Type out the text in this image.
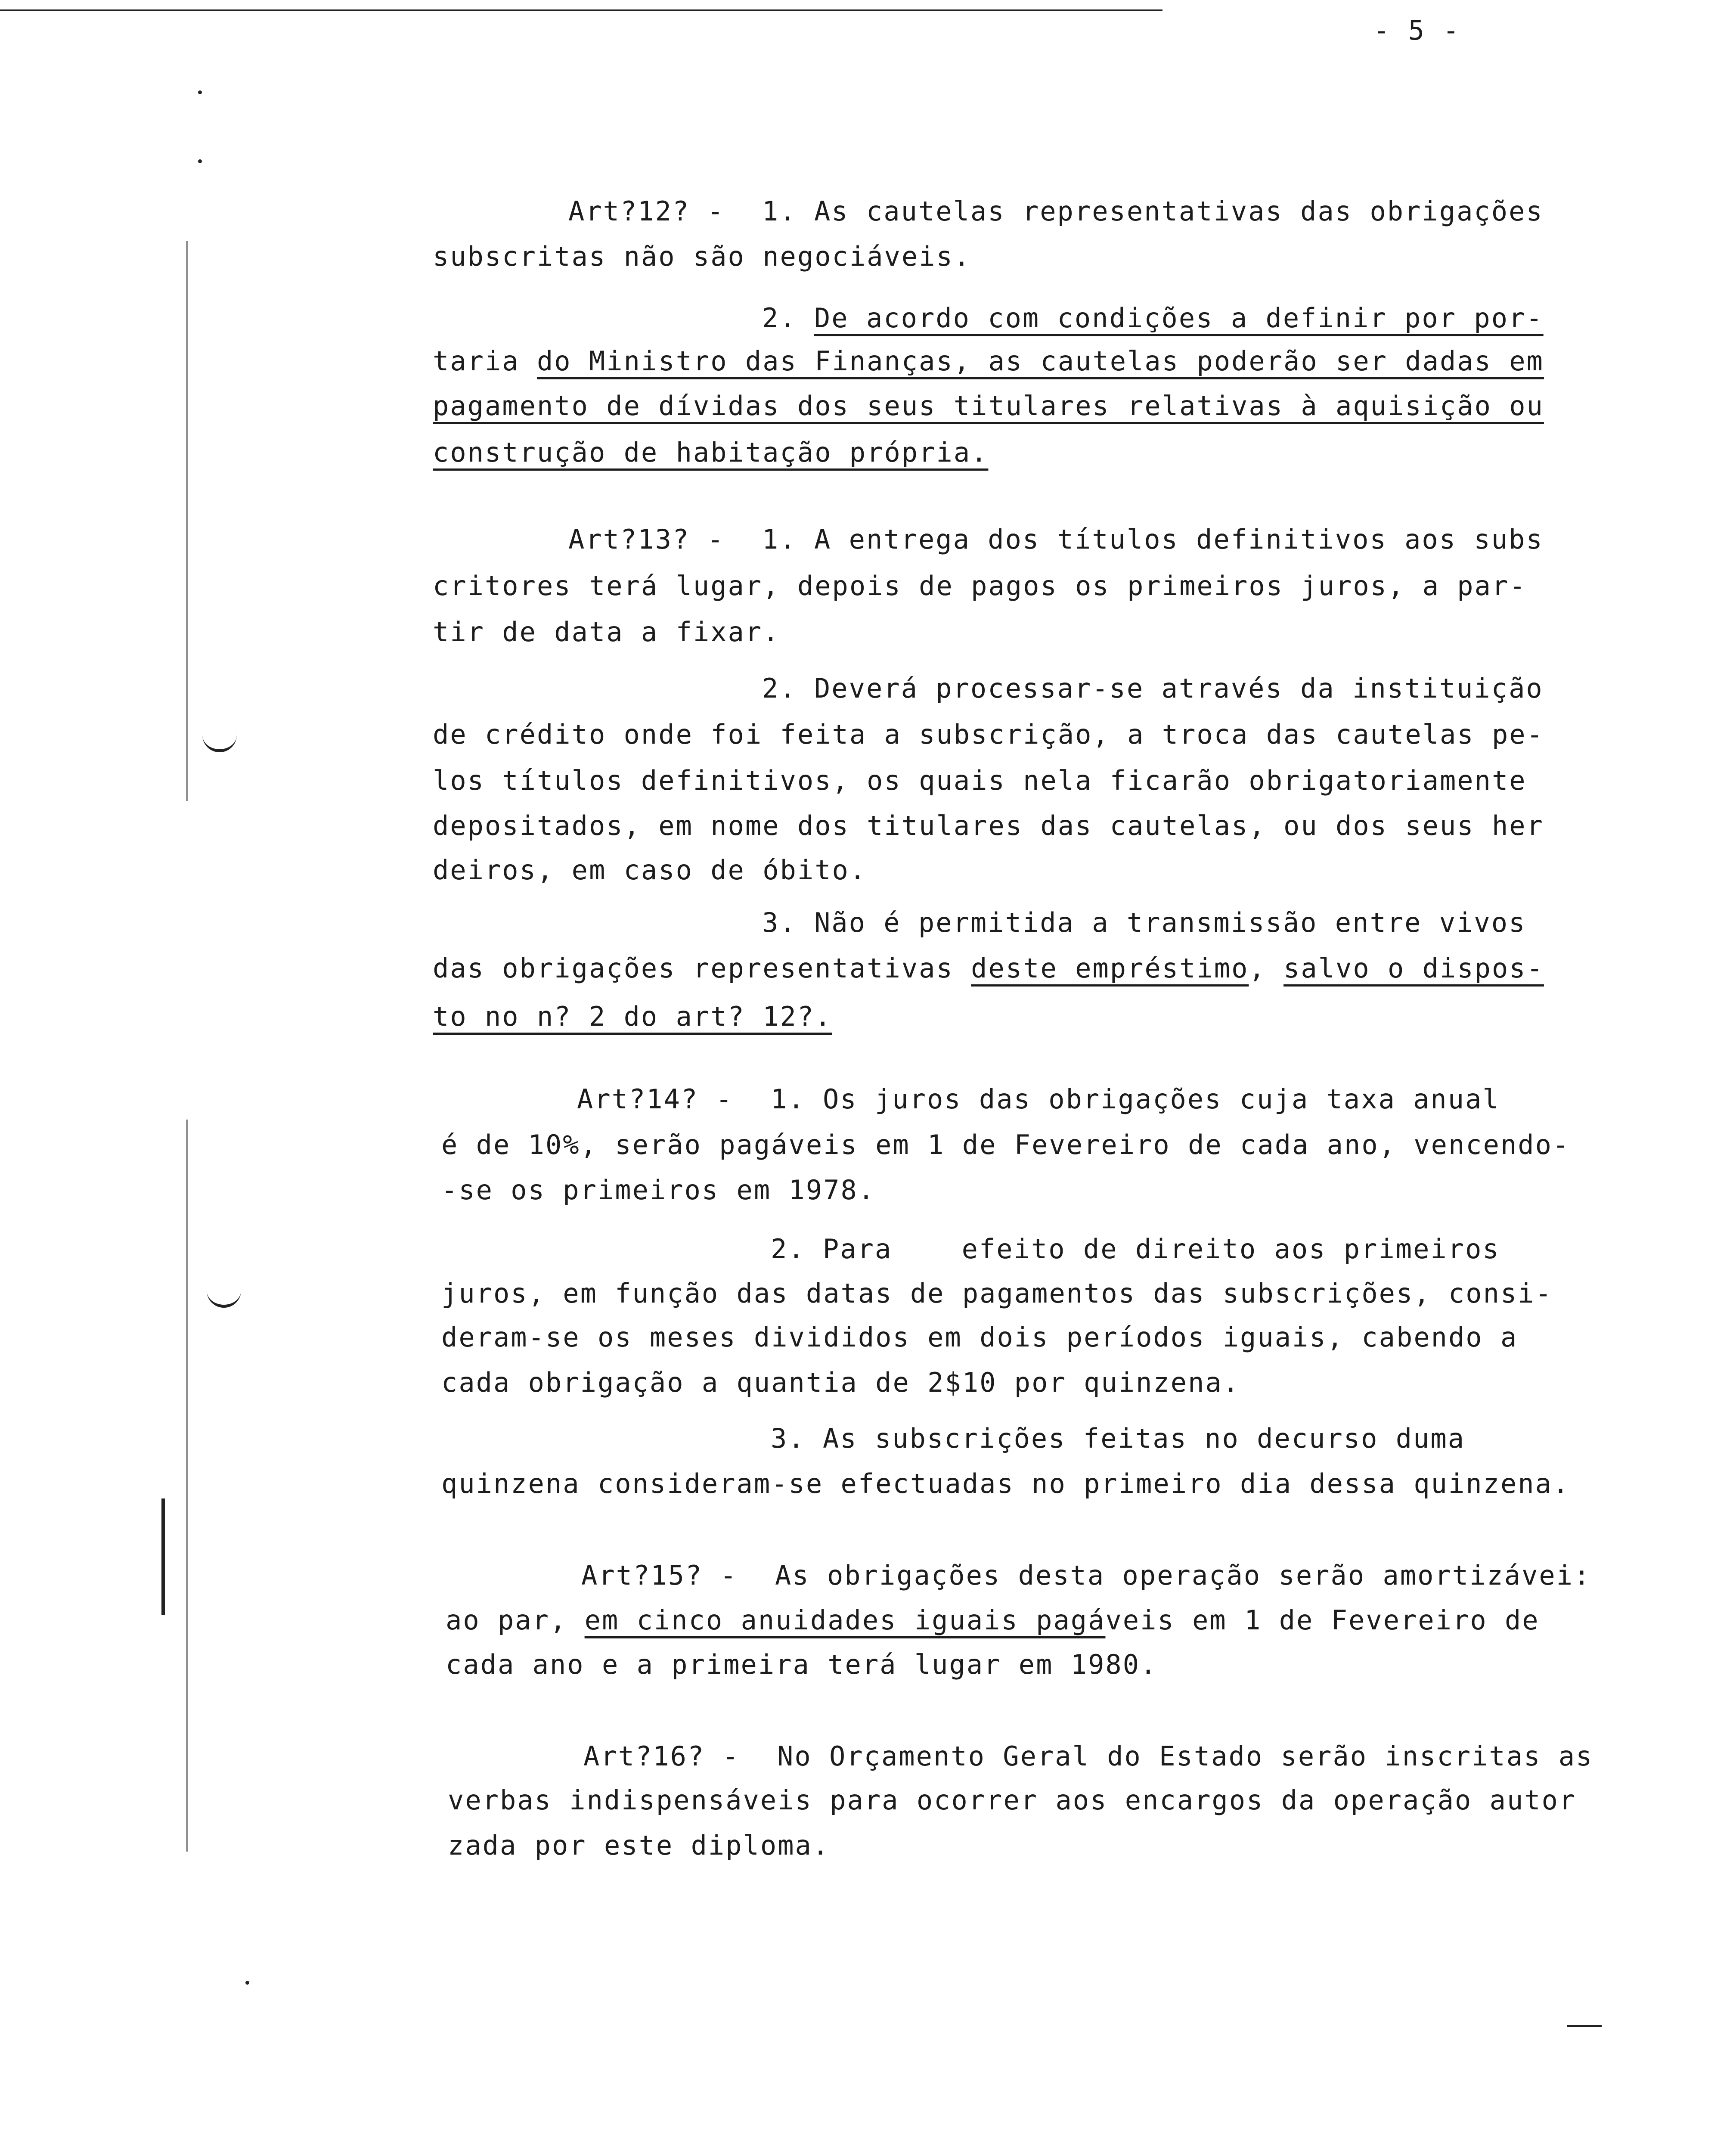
- 5 -
Art?12? - 1. As cautelas representativas das obrigações
subscritas não são negociáveis.
2. De acordo com condições a definir por por-
taria do Ministro das Finanças, as cautelas poderão ser dadas em
pagamento de dívidas dos seus titulares relativas à aquisição ou
construção de habitação própria.
Art?13? - 1. A entrega dos títulos definitivos aos subs
critores terá lugar, depois de pagos os primeiros juros, a par-
tir de data a fixar.
2. Deverá processar-se através da instituição
de crédito onde foi feita a subscrição, a troca das cautelas pe-
los títulos definitivos, os quais nela ficarão obrigatoriamente
depositados, em nome dos titulares das cautelas, ou dos seus her
deiros, em caso de óbito.
3. Não é permitida a transmissão entre vivos
das obrigações representativas deste empréstimo, salvo o dispos-
to no n? 2 do art? 12?.
Art?14? - 1. Os juros das obrigações cuja taxa anual
é de 10%, serão pagáveis em 1 de Fevereiro de cada ano, vencendo-
-se os primeiros em 1978.
2. Para    efeito de direito aos primeiros
juros, em função das datas de pagamentos das subscrições, consi-
deram-se os meses divididos em dois períodos iguais, cabendo a
cada obrigação a quantia de 2$10 por quinzena.
3. As subscrições feitas no decurso duma
quinzena consideram-se efectuadas no primeiro dia dessa quinzena.
Art?15? - As obrigações desta operação serão amortizávei:
ao par, em cinco anuidades iguais pagáveis em 1 de Fevereiro de
cada ano e a primeira terá lugar em 1980.
Art?16? - No Orçamento Geral do Estado serão inscritas as
verbas indispensáveis para ocorrer aos encargos da operação autor
zada por este diploma.
